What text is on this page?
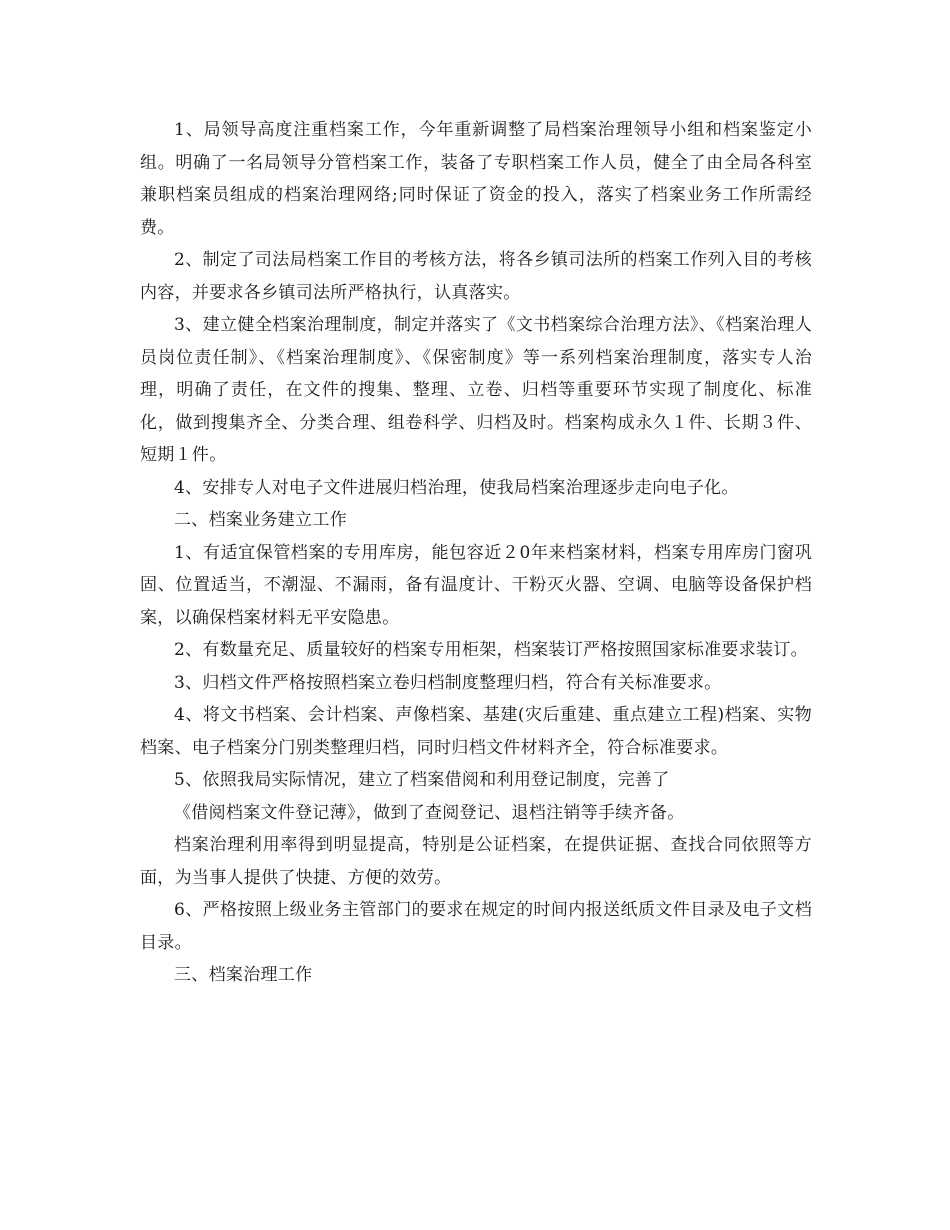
1、局领导高度注重档案工作，今年重新调整了局档案治理领导小组和档案鉴定小组。明确了一名局领导分管档案工作，装备了专职档案工作人员，健全了由全局各科室兼职档案员组成的档案治理网络;同时保证了资金的投入，落实了档案业务工作所需经费。

2、制定了司法局档案工作目的考核方法，将各乡镇司法所的档案工作列入目的考核内容，并要求各乡镇司法所严格执行，认真落实。

3、建立健全档案治理制度，制定并落实了《文书档案综合治理方法》、《档案治理人员岗位责任制》、《档案治理制度》、《保密制度》等一系列档案治理制度，落实专人治理，明确了责任，在文件的搜集、整理、立卷、归档等重要环节实现了制度化、标准化，做到搜集齐全、分类合理、组卷科学、归档及时。档案构成永久１件、长期３件、短期１件。

4、安排专人对电子文件进展归档治理，使我局档案治理逐步走向电子化。

二、档案业务建立工作

1、有适宜保管档案的专用库房，能包容近２0年来档案材料，档案专用库房门窗巩固、位置适当，不潮湿、不漏雨，备有温度计、干粉灭火器、空调、电脑等设备保护档案，以确保档案材料无平安隐患。

2、有数量充足、质量较好的档案专用柜架，档案装订严格按照国家标准要求装订。

3、归档文件严格按照档案立卷归档制度整理归档，符合有关标准要求。

4、将文书档案、会计档案、声像档案、基建(灾后重建、重点建立工程)档案、实物档案、电子档案分门别类整理归档，同时归档文件材料齐全，符合标准要求。

5、依照我局实际情况，建立了档案借阅和利用登记制度，完善了

《借阅档案文件登记薄》，做到了查阅登记、退档注销等手续齐备。

档案治理利用率得到明显提高，特别是公证档案，在提供证据、查找合同依照等方面，为当事人提供了快捷、方便的效劳。

6、严格按照上级业务主管部门的要求在规定的时间内报送纸质文件目录及电子文档目录。

三、档案治理工作
